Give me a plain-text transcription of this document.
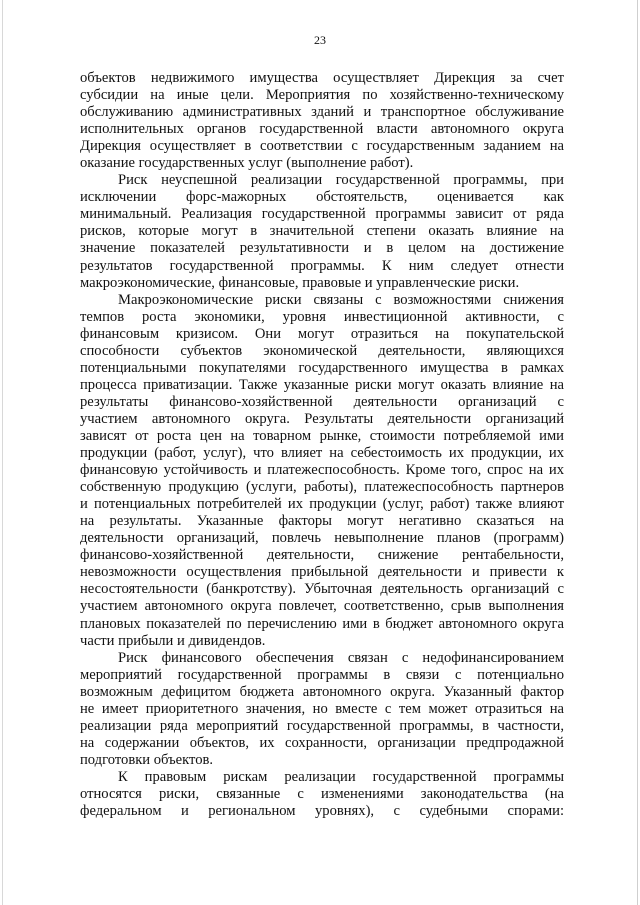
23
объектов недвижимого имущества осуществляет Дирекция за счет
субсидии на иные цели. Мероприятия по хозяйственно-техническому
обслуживанию административных зданий и транспортное обслуживание
исполнительных органов государственной власти автономного округа
Дирекция осуществляет в соответствии с государственным заданием на
оказание государственных услуг (выполнение работ).
Риск неуспешной реализации государственной программы, при
исключении форс-мажорных обстоятельств, оценивается как
минимальный. Реализация государственной программы зависит от ряда
рисков, которые могут в значительной степени оказать влияние на
значение показателей результативности и в целом на достижение
результатов государственной программы. К ним следует отнести
макроэкономические, финансовые, правовые и управленческие риски.
Макроэкономические риски связаны с возможностями снижения
темпов роста экономики, уровня инвестиционной активности, с
финансовым кризисом. Они могут отразиться на покупательской
способности субъектов экономической деятельности, являющихся
потенциальными покупателями государственного имущества в рамках
процесса приватизации. Также указанные риски могут оказать влияние на
результаты финансово-хозяйственной деятельности организаций с
участием автономного округа. Результаты деятельности организаций
зависят от роста цен на товарном рынке, стоимости потребляемой ими
продукции (работ, услуг), что влияет на себестоимость их продукции, их
финансовую устойчивость и платежеспособность. Кроме того, спрос на их
собственную продукцию (услуги, работы), платежеспособность партнеров
и потенциальных потребителей их продукции (услуг, работ) также влияют
на результаты. Указанные факторы могут негативно сказаться на
деятельности организаций, повлечь невыполнение планов (программ)
финансово-хозяйственной деятельности, снижение рентабельности,
невозможности осуществления прибыльной деятельности и привести к
несостоятельности (банкротству). Убыточная деятельность организаций с
участием автономного округа повлечет, соответственно, срыв выполнения
плановых показателей по перечислению ими в бюджет автономного округа
части прибыли и дивидендов.
Риск финансового обеспечения связан с недофинансированием
мероприятий государственной программы в связи с потенциально
возможным дефицитом бюджета автономного округа. Указанный фактор
не имеет приоритетного значения, но вместе с тем может отразиться на
реализации ряда мероприятий государственной программы, в частности,
на содержании объектов, их сохранности, организации предпродажной
подготовки объектов.
К правовым рискам реализации государственной программы
относятся риски, связанные с изменениями законодательства (на
федеральном и региональном уровнях), с судебными спорами:
